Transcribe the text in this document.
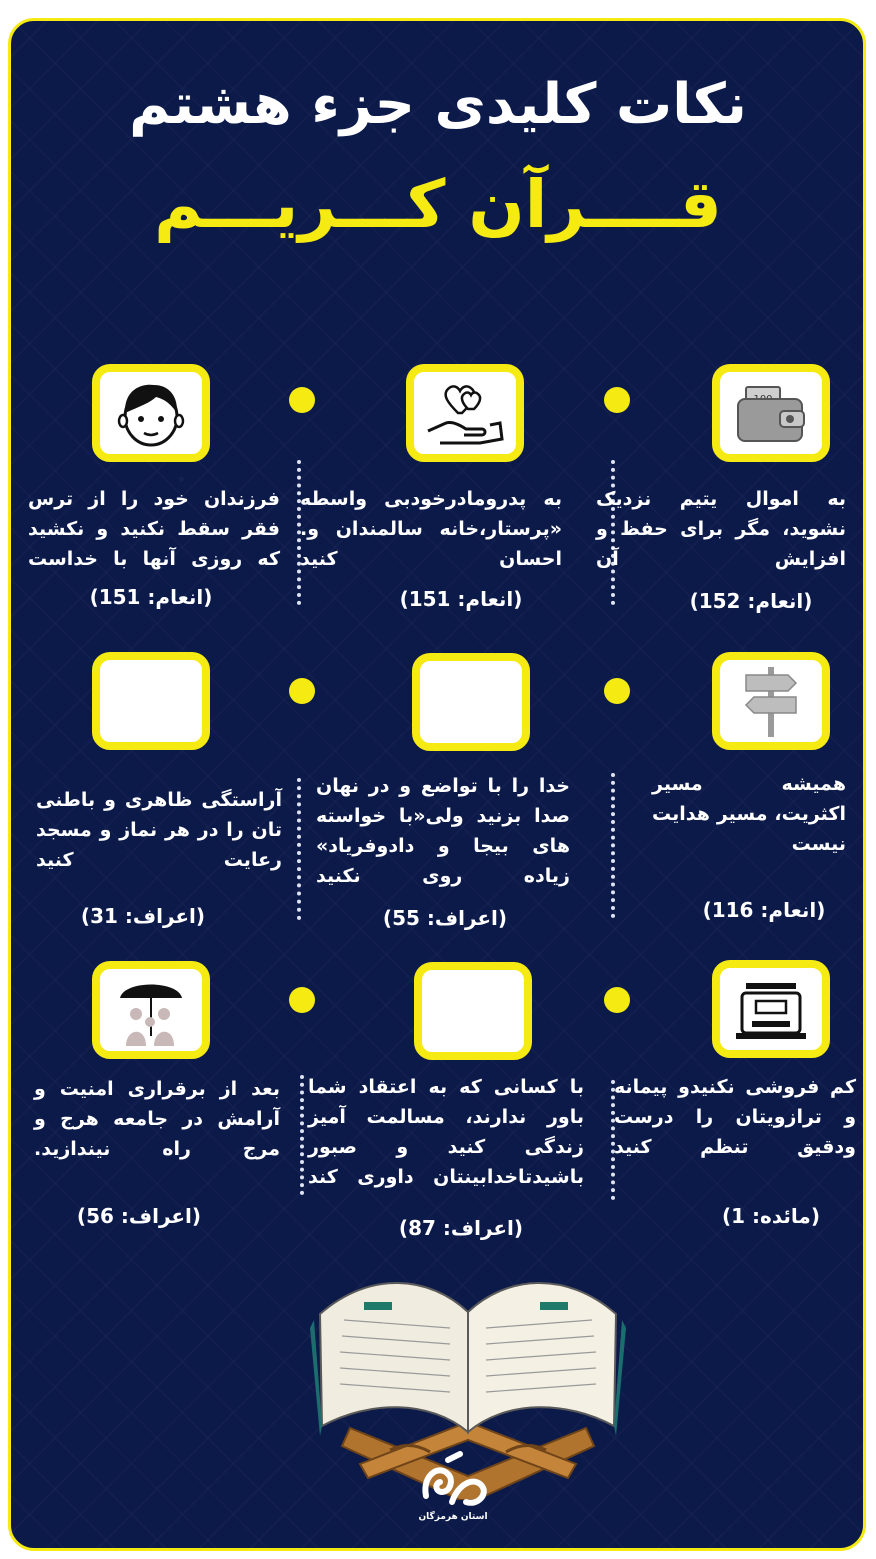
نکات کلیدی جزء هشتم
قــــرآن کـــریـــم
به اموال یتیم نزدیک نشوید، مگر برای حفظ و افزایش آن
(انعام: 152)
به پدرومادرخودبی واسطه «پرستار،خانه سالمندان و. احسان کنید
(انعام: 151)
فرزندان خود را از ترس فقر سقط نکنید و نکشید که روزی آنها با خداست
(انعام: 151)
همیشه مسیر اکثریت، مسیر هدایت نیست
(انعام: 116)
خدا را با تواضع و در نهان صدا بزنید ولی«با خواسته های بیجا و دادوفریاد» زیاده روی نکنید
(اعراف: 55)
آراستگی ظاهری و باطنی تان را در هر نماز و مسجد رعایت کنید
(اعراف: 31)
کم فروشی نکنیدو پیمانه و ترازویتان را درست ودقیق تنظم کنید
(مائده: 1)
با کسانی که به اعتقاد شما باور ندارند، مسالمت آمیز زندگی کنید و صبور باشیدتاخدابینتان داوری کند
(اعراف: 87)
بعد از برقراری امنیت و آرامش در جامعه هرج و مرج راه نیندازید.
(اعراف: 56)
استان هرمزگان
